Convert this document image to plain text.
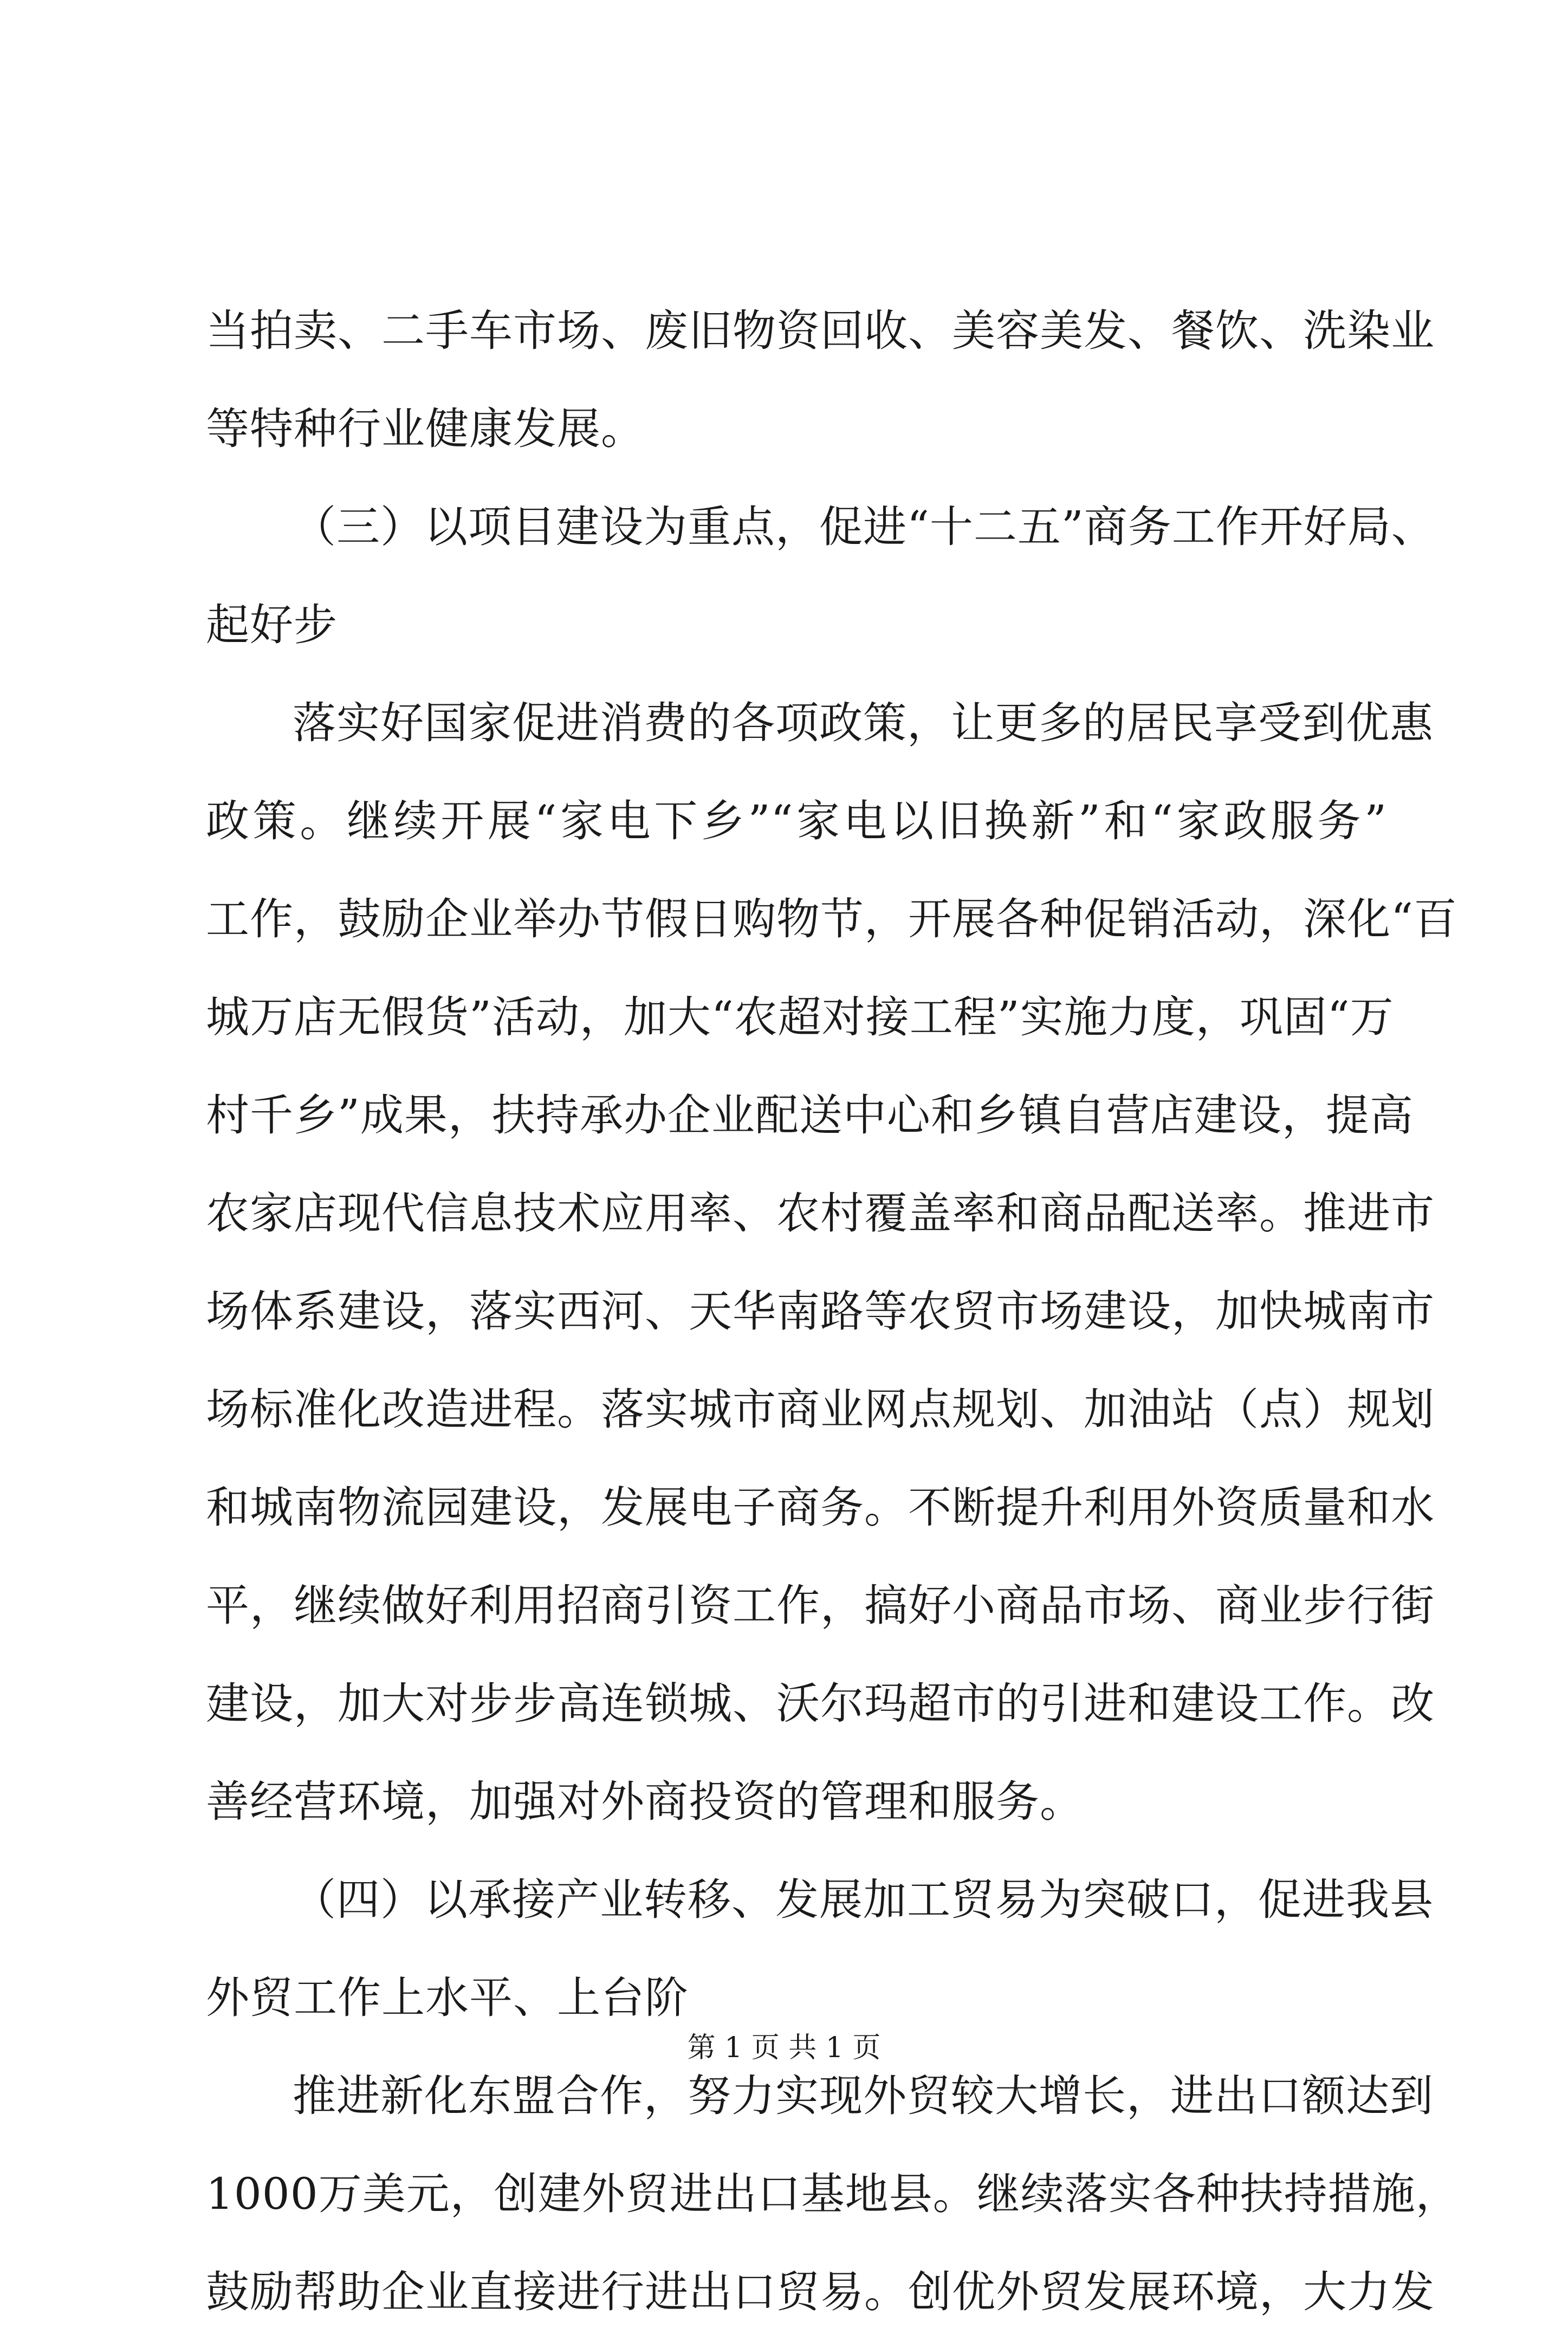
当拍卖、二手车市场、废旧物资回收、美容美发、餐饮、洗染业
等特种行业健康发展。
（三）以项目建设为重点，促进“十二五”商务工作开好局、
起好步
落实好国家促进消费的各项政策，让更多的居民享受到优惠
政策。继续开展“家电下乡”“家电以旧换新”和“家政服务”
工作，鼓励企业举办节假日购物节，开展各种促销活动，深化“百
城万店无假货”活动，加大“农超对接工程”实施力度，巩固“万
村千乡”成果，扶持承办企业配送中心和乡镇自营店建设，提高
农家店现代信息技术应用率、农村覆盖率和商品配送率。推进市
场体系建设，落实西河、天华南路等农贸市场建设，加快城南市
场标准化改造进程。落实城市商业网点规划、加油站（点）规划
和城南物流园建设，发展电子商务。不断提升利用外资质量和水
平，继续做好利用招商引资工作，搞好小商品市场、商业步行街
建设，加大对步步高连锁城、沃尔玛超市的引进和建设工作。改
善经营环境，加强对外商投资的管理和服务。
（四）以承接产业转移、发展加工贸易为突破口，促进我县
外贸工作上水平、上台阶
推进新化东盟合作，努力实现外贸较大增长，进出口额达到
1000万美元，创建外贸进出口基地县。继续落实各种扶持措施，
鼓励帮助企业直接进行进出口贸易。创优外贸发展环境，大力发
第 1 页 共 1 页
